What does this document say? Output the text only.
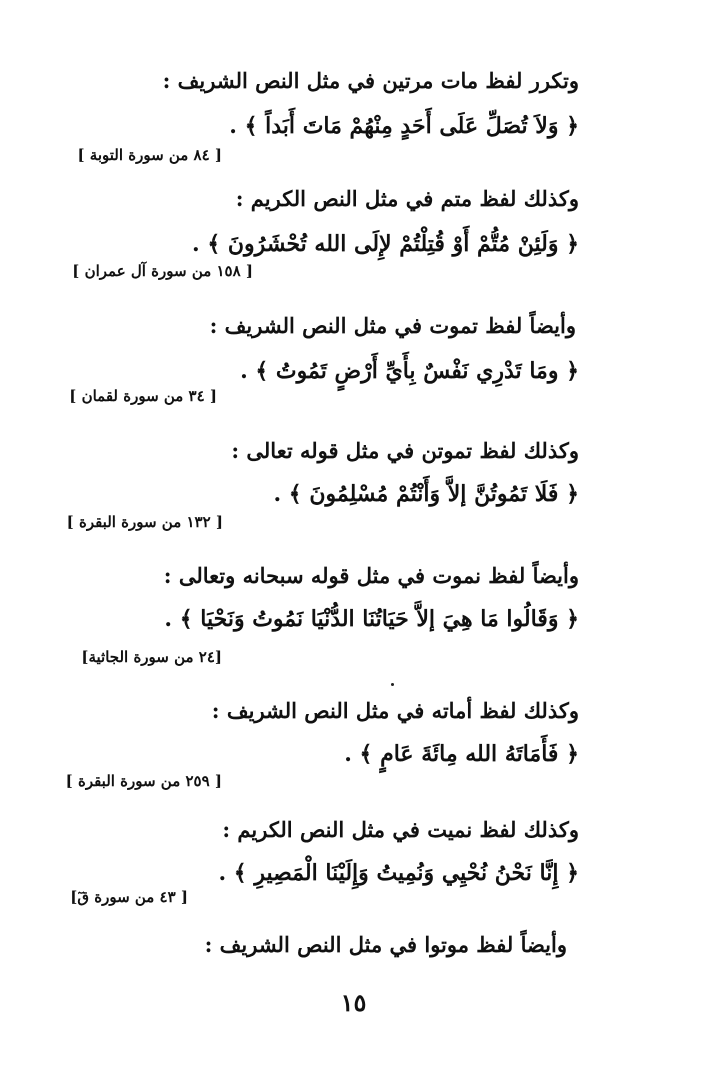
وتكرر لفظ مات مرتين في مثل النص الشريف :
﴿ وَلاَ تُصَلِّ عَلَى أَحَدٍ مِنْهُمْ مَاتَ أَبَداً ﴾ .
[ ٨٤ من سورة التوبة ]
وكذلك لفظ متم في مثل النص الكريم :
﴿ وَلَئِنْ مُتُّمْ أَوْ قُتِلْتُمْ لإِلَى الله تُحْشَرُونَ ﴾ .
[ ١٥٨ من سورة آل عمران ]
وأيضاً لفظ تموت في مثل النص الشريف :
﴿ ومَا تَدْرِي نَفْسٌ بِأَيِّ أَرْضٍ تَمُوتُ ﴾ .
[ ٣٤ من سورة لقمان ]
وكذلك لفظ تموتن في مثل قوله تعالى :
﴿ فَلَا تَمُوتُنَّ إلاَّ وَأَنْتُمْ مُسْلِمُونَ ﴾ .
[ ١٣٢ من سورة البقرة ]
وأيضاً لفظ نموت في مثل قوله سبحانه وتعالى :
﴿ وَقَالُوا مَا هِيَ إلاَّ حَيَاتُنَا الدُّنْيَا نَمُوتُ وَنَحْيَا ﴾ .
[٢٤ من سورة الجاثية]
وكذلك لفظ أماته في مثل النص الشريف :
﴿ فَأَمَاتَهُ الله مِائَةَ عَامٍ ﴾ .
[ ٢٥٩ من سورة البقرة ]
وكذلك لفظ نميت في مثل النص الكريم :
﴿ إِنَّا نَحْنُ نُحْيِي وَنُمِيتُ وَإِلَيْنَا الْمَصِيرِ ﴾ .
[ ٤٣ من سورة قٓ]
وأيضاً لفظ موتوا في مثل النص الشريف :
١٥
